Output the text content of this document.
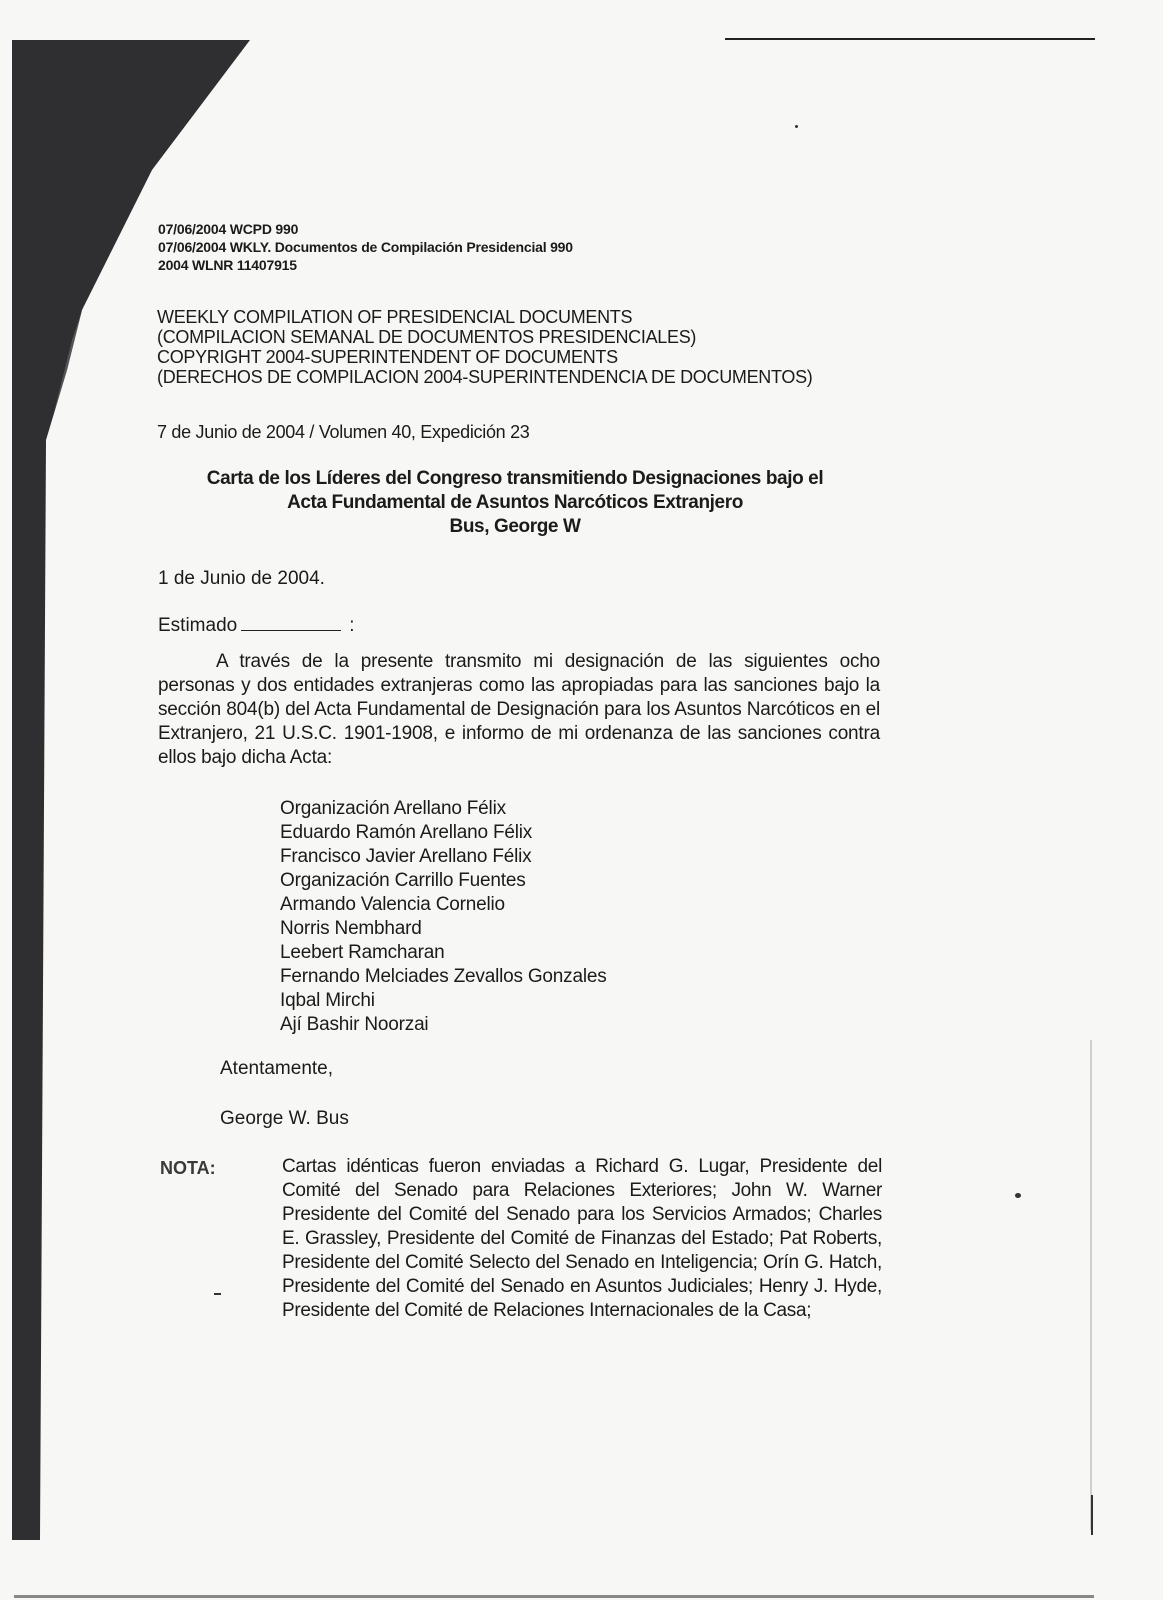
07/06/2004 WCPD 990
07/06/2004 WKLY. Documentos de Compilación Presidencial 990
2004 WLNR 11407915
WEEKLY COMPILATION OF PRESIDENCIAL DOCUMENTS
(COMPILACION SEMANAL DE DOCUMENTOS PRESIDENCIALES)
COPYRIGHT 2004-SUPERINTENDENT OF DOCUMENTS
(DERECHOS DE COMPILACION 2004-SUPERINTENDENCIA DE DOCUMENTOS)
7 de Junio de 2004 / Volumen 40, Expedición 23
Carta de los Líderes del Congreso transmitiendo Designaciones bajo el
Acta Fundamental de Asuntos Narcóticos Extranjero
Bus, George W
1 de Junio de 2004.
Estimado	:
A través de la presente transmito mi designación de las siguientes ocho personas y dos entidades extranjeras como las apropiadas para las sanciones bajo la sección 804(b) del Acta Fundamental de Designación para los Asuntos Narcóticos en el Extranjero, 21 U.S.C. 1901-1908, e informo de mi ordenanza de las sanciones contra ellos bajo dicha Acta:
Organización Arellano Félix
Eduardo Ramón Arellano Félix
Francisco Javier Arellano Félix
Organización Carrillo Fuentes
Armando Valencia Cornelio
Norris Nembhard
Leebert Ramcharan
Fernando Melciades Zevallos Gonzales
Iqbal Mirchi
Ají Bashir Noorzai
Atentamente,
George W. Bus
NOTA:	Cartas idénticas fueron enviadas a Richard G. Lugar, Presidente del Comité del Senado para Relaciones Exteriores; John W. Warner Presidente del Comité del Senado para los Servicios Armados; Charles E. Grassley, Presidente del Comité de Finanzas del Estado; Pat Roberts, Presidente del Comité Selecto del Senado en Inteligencia; Orín G. Hatch, Presidente del Comité del Senado en Asuntos Judiciales; Henry J. Hyde, Presidente del Comité de Relaciones Internacionales de la Casa;
